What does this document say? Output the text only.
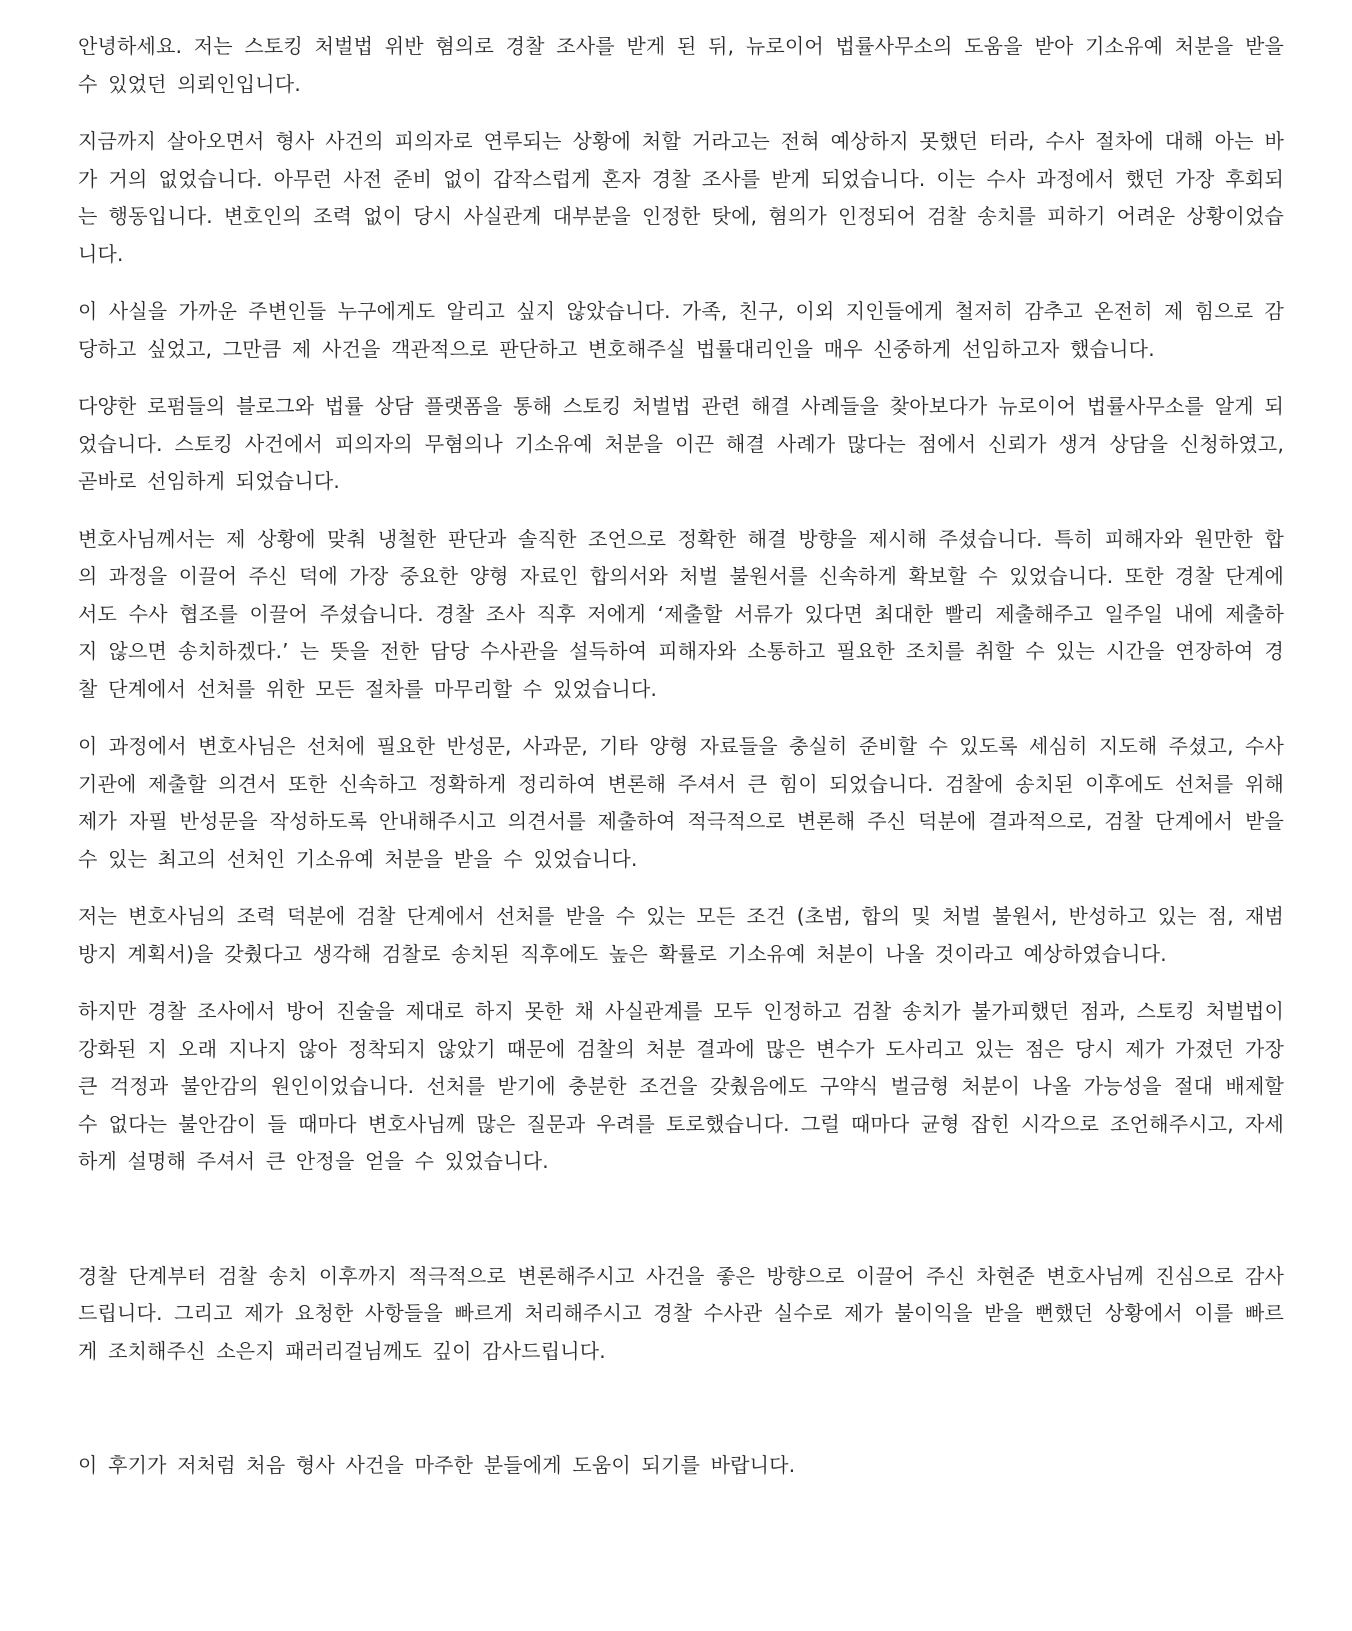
안녕하세요. 저는 스토킹 처벌법 위반 혐의로 경찰 조사를 받게 된 뒤, 뉴로이어 법률사무소의 도움을 받아 기소유예 처분을 받을 수 있었던 의뢰인입니다.

지금까지 살아오면서 형사 사건의 피의자로 연루되는 상황에 처할 거라고는 전혀 예상하지 못했던 터라, 수사 절차에 대해 아는 바가 거의 없었습니다. 아무런 사전 준비 없이 갑작스럽게 혼자 경찰 조사를 받게 되었습니다. 이는 수사 과정에서 했던 가장 후회되는 행동입니다. 변호인의 조력 없이 당시 사실관계 대부분을 인정한 탓에, 혐의가 인정되어 검찰 송치를 피하기 어려운 상황이었습니다.

이 사실을 가까운 주변인들 누구에게도 알리고 싶지 않았습니다. 가족, 친구, 이외 지인들에게 철저히 감추고 온전히 제 힘으로 감당하고 싶었고, 그만큼 제 사건을 객관적으로 판단하고 변호해주실 법률대리인을 매우 신중하게 선임하고자 했습니다.

다양한 로펌들의 블로그와 법률 상담 플랫폼을 통해 스토킹 처벌법 관련 해결 사례들을 찾아보다가 뉴로이어 법률사무소를 알게 되었습니다. 스토킹 사건에서 피의자의 무혐의나 기소유예 처분을 이끈 해결 사례가 많다는 점에서 신뢰가 생겨 상담을 신청하였고, 곧바로 선임하게 되었습니다.

변호사님께서는 제 상황에 맞춰 냉철한 판단과 솔직한 조언으로 정확한 해결 방향을 제시해 주셨습니다. 특히 피해자와 원만한 합의 과정을 이끌어 주신 덕에 가장 중요한 양형 자료인 합의서와 처벌 불원서를 신속하게 확보할 수 있었습니다. 또한 경찰 단계에서도 수사 협조를 이끌어 주셨습니다. 경찰 조사 직후 저에게 ‘제출할 서류가 있다면 최대한 빨리 제출해주고 일주일 내에 제출하지 않으면 송치하겠다.’ 는 뜻을 전한 담당 수사관을 설득하여 피해자와 소통하고 필요한 조치를 취할 수 있는 시간을 연장하여 경찰 단계에서 선처를 위한 모든 절차를 마무리할 수 있었습니다.

이 과정에서 변호사님은 선처에 필요한 반성문, 사과문, 기타 양형 자료들을 충실히 준비할 수 있도록 세심히 지도해 주셨고, 수사기관에 제출할 의견서 또한 신속하고 정확하게 정리하여 변론해 주셔서 큰 힘이 되었습니다. 검찰에 송치된 이후에도 선처를 위해 제가 자필 반성문을 작성하도록 안내해주시고 의견서를 제출하여 적극적으로 변론해 주신 덕분에 결과적으로, 검찰 단계에서 받을 수 있는 최고의 선처인 기소유예 처분을 받을 수 있었습니다.

저는 변호사님의 조력 덕분에 검찰 단계에서 선처를 받을 수 있는 모든 조건 (초범, 합의 및 처벌 불원서, 반성하고 있는 점, 재범 방지 계획서)을 갖췄다고 생각해 검찰로 송치된 직후에도 높은 확률로 기소유예 처분이 나올 것이라고 예상하였습니다.

하지만 경찰 조사에서 방어 진술을 제대로 하지 못한 채 사실관계를 모두 인정하고 검찰 송치가 불가피했던 점과, 스토킹 처벌법이 강화된 지 오래 지나지 않아 정착되지 않았기 때문에 검찰의 처분 결과에 많은 변수가 도사리고 있는 점은 당시 제가 가졌던 가장 큰 걱정과 불안감의 원인이었습니다. 선처를 받기에 충분한 조건을 갖췄음에도 구약식 벌금형 처분이 나올 가능성을 절대 배제할 수 없다는 불안감이 들 때마다 변호사님께 많은 질문과 우려를 토로했습니다. 그럴 때마다 균형 잡힌 시각으로 조언해주시고, 자세하게 설명해 주셔서 큰 안정을 얻을 수 있었습니다.

경찰 단계부터 검찰 송치 이후까지 적극적으로 변론해주시고 사건을 좋은 방향으로 이끌어 주신 차현준 변호사님께 진심으로 감사드립니다. 그리고 제가 요청한 사항들을 빠르게 처리해주시고 경찰 수사관 실수로 제가 불이익을 받을 뻔했던 상황에서 이를 빠르게 조치해주신 소은지 패러리걸님께도 깊이 감사드립니다.

이 후기가 저처럼 처음 형사 사건을 마주한 분들에게 도움이 되기를 바랍니다.
